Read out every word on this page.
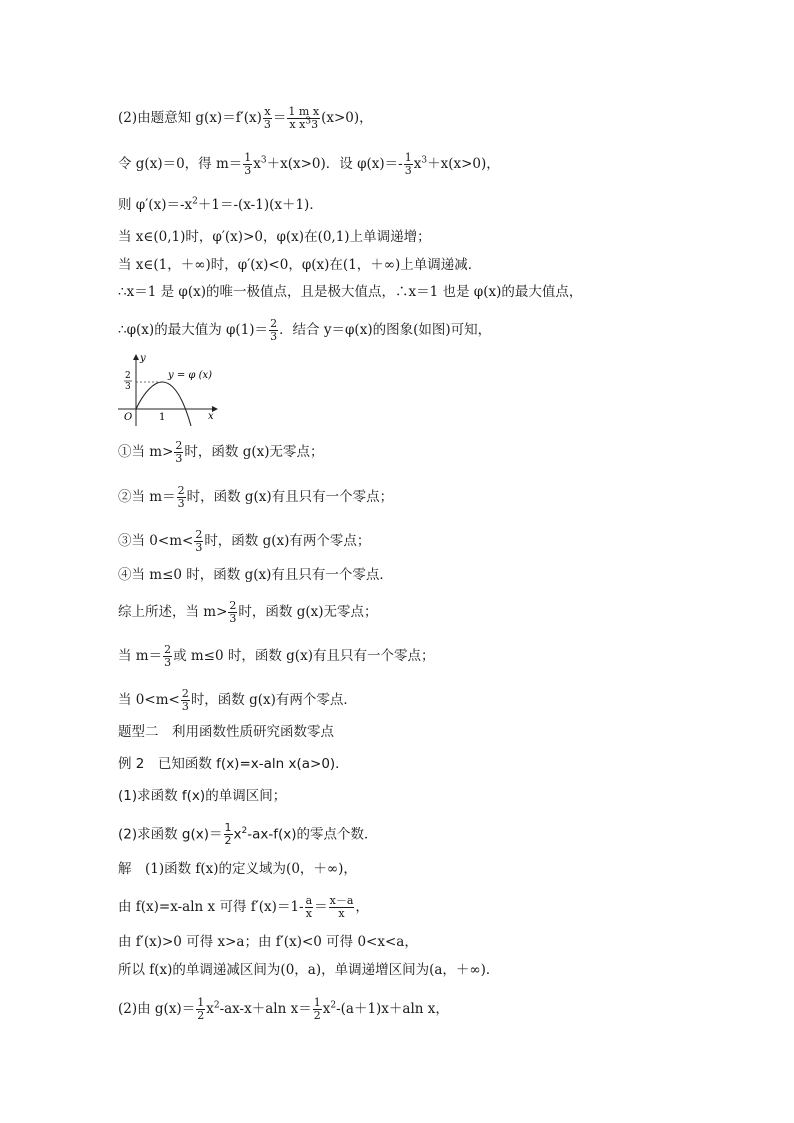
(2)由题意知 $g(x)=f'(x) \frac{x}{3} = \frac{\text{1 m x}}{x x^33} (x>0)$，
令 g(x)＝0，得 $m= \frac{1}{3} x^3+x(x>0)$．设 $\varphi(x)=- \frac{1}{3} x^3+x(x>0)$，
则 $\varphi'(x)=-x^2+1=-(x-1)(x+1)$．
当 x∈(0,1)时，φ′(x)>0，φ(x)在(0,1)上单调递增；
当 x∈(1，＋∞)时，φ′(x)<0，φ(x)在(1，＋∞)上单调递减．
∴x＝1 是 φ(x)的唯一极值点，且是极大值点，∴x＝1 也是 φ(x)的最大值点，
∴φ(x)的最大值为 $\varphi(1)= \frac{2}{3}$ ．结合 y＝φ(x)的图象(如图)可知，
y
x
O	1
2
3
y = φ (x)
①当 $m> \frac{2}{3}$ 时，函数 g(x)无零点；
②当 $m= \frac{2}{3}$ 时，函数 g(x)有且只有一个零点；
③当 $0<m< \frac{2}{3}$ 时，函数 g(x)有两个零点；
④当 m≤0 时，函数 g(x)有且只有一个零点．
综上所述，当 $m> \frac{2}{3}$ 时，函数 g(x)无零点；
当 $m= \frac{2}{3}$ 或 m≤0 时，函数 g(x)有且只有一个零点；
当 $0<m< \frac{2}{3}$ 时，函数 g(x)有两个零点．
题型二　利用函数性质研究函数零点
例 2　已知函数 f(x)=x-aln x(a>0)．
(1)求函数 f(x)的单调区间；
(2)求函数 $g(x)= \frac{1}{2} x^2-ax-f(x)$的零点个数．
解　(1)函数 f(x)的定义域为(0，＋∞)，
由 f(x)=x-aln x 可得 $f'(x)=1- \frac{a}{x} = \frac{x-a}{x}$ ，
由 f′(x)>0 可得 x>a；由 f′(x)<0 可得 0<x<a，
所以 f(x)的单调递减区间为(0，a)，单调递增区间为(a，＋∞)．
(2)由 $g(x)= \frac{1}{2} x^2-ax-x+aln$ $x= \frac{1}{2} x^2-(a+1)x+aln$ x，
